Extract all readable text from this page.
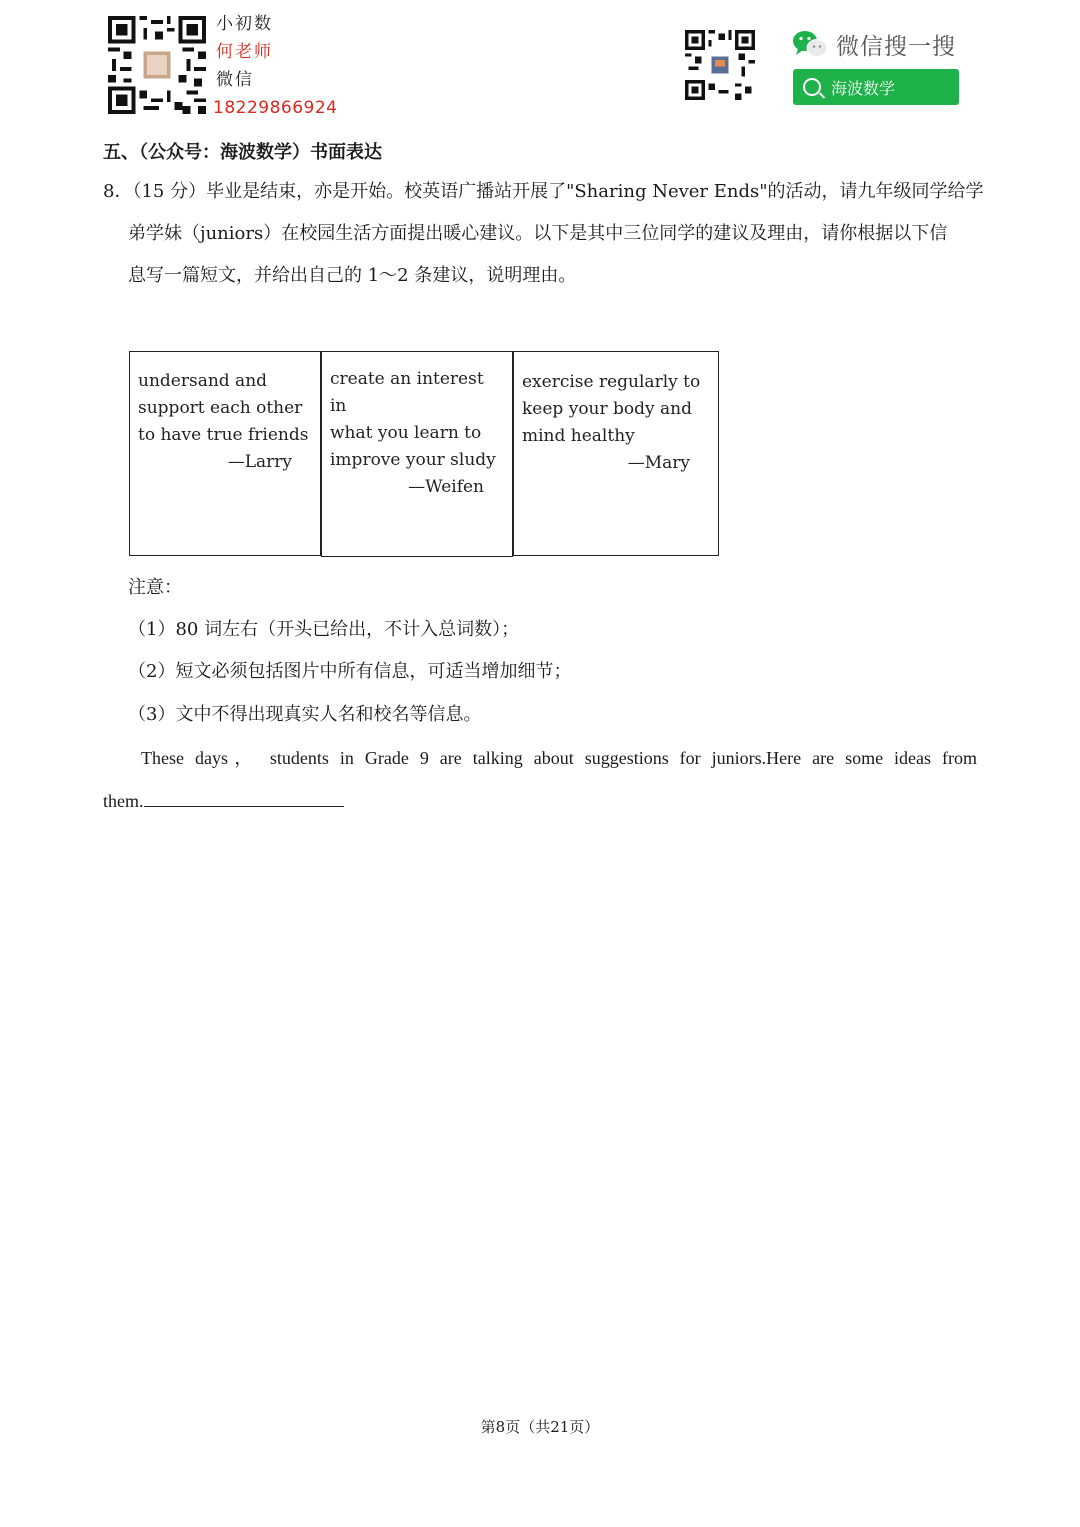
小初数
何老师
微信
18229866924
微信搜一搜
海波数学
五、（公众号：海波数学）书面表达
8．（15 分）毕业是结束，亦是开始。校英语广播站开展了"Sharing Never Ends"的活动，请九年级同学给学
弟学妹（juniors）在校园生活方面提出暖心建议。以下是其中三位同学的建议及理由，请你根据以下信
息写一篇短文，并给出自己的 1～2 条建议，说明理由。
undersand and
support each other
to have true friends
—Larry
create an interest in
what you learn to
improve your sludy
—Weifen
exercise regularly to
keep your body and
mind healthy
—Mary
注意：
（1）80 词左右（开头已给出，不计入总词数）；
（2）短文必须包括图片中所有信息，可适当增加细节；
（3）文中不得出现真实人名和校名等信息。
These days， students in Grade 9 are talking about suggestions for juniors.Here are some ideas from
them.
第8页（共21页）
